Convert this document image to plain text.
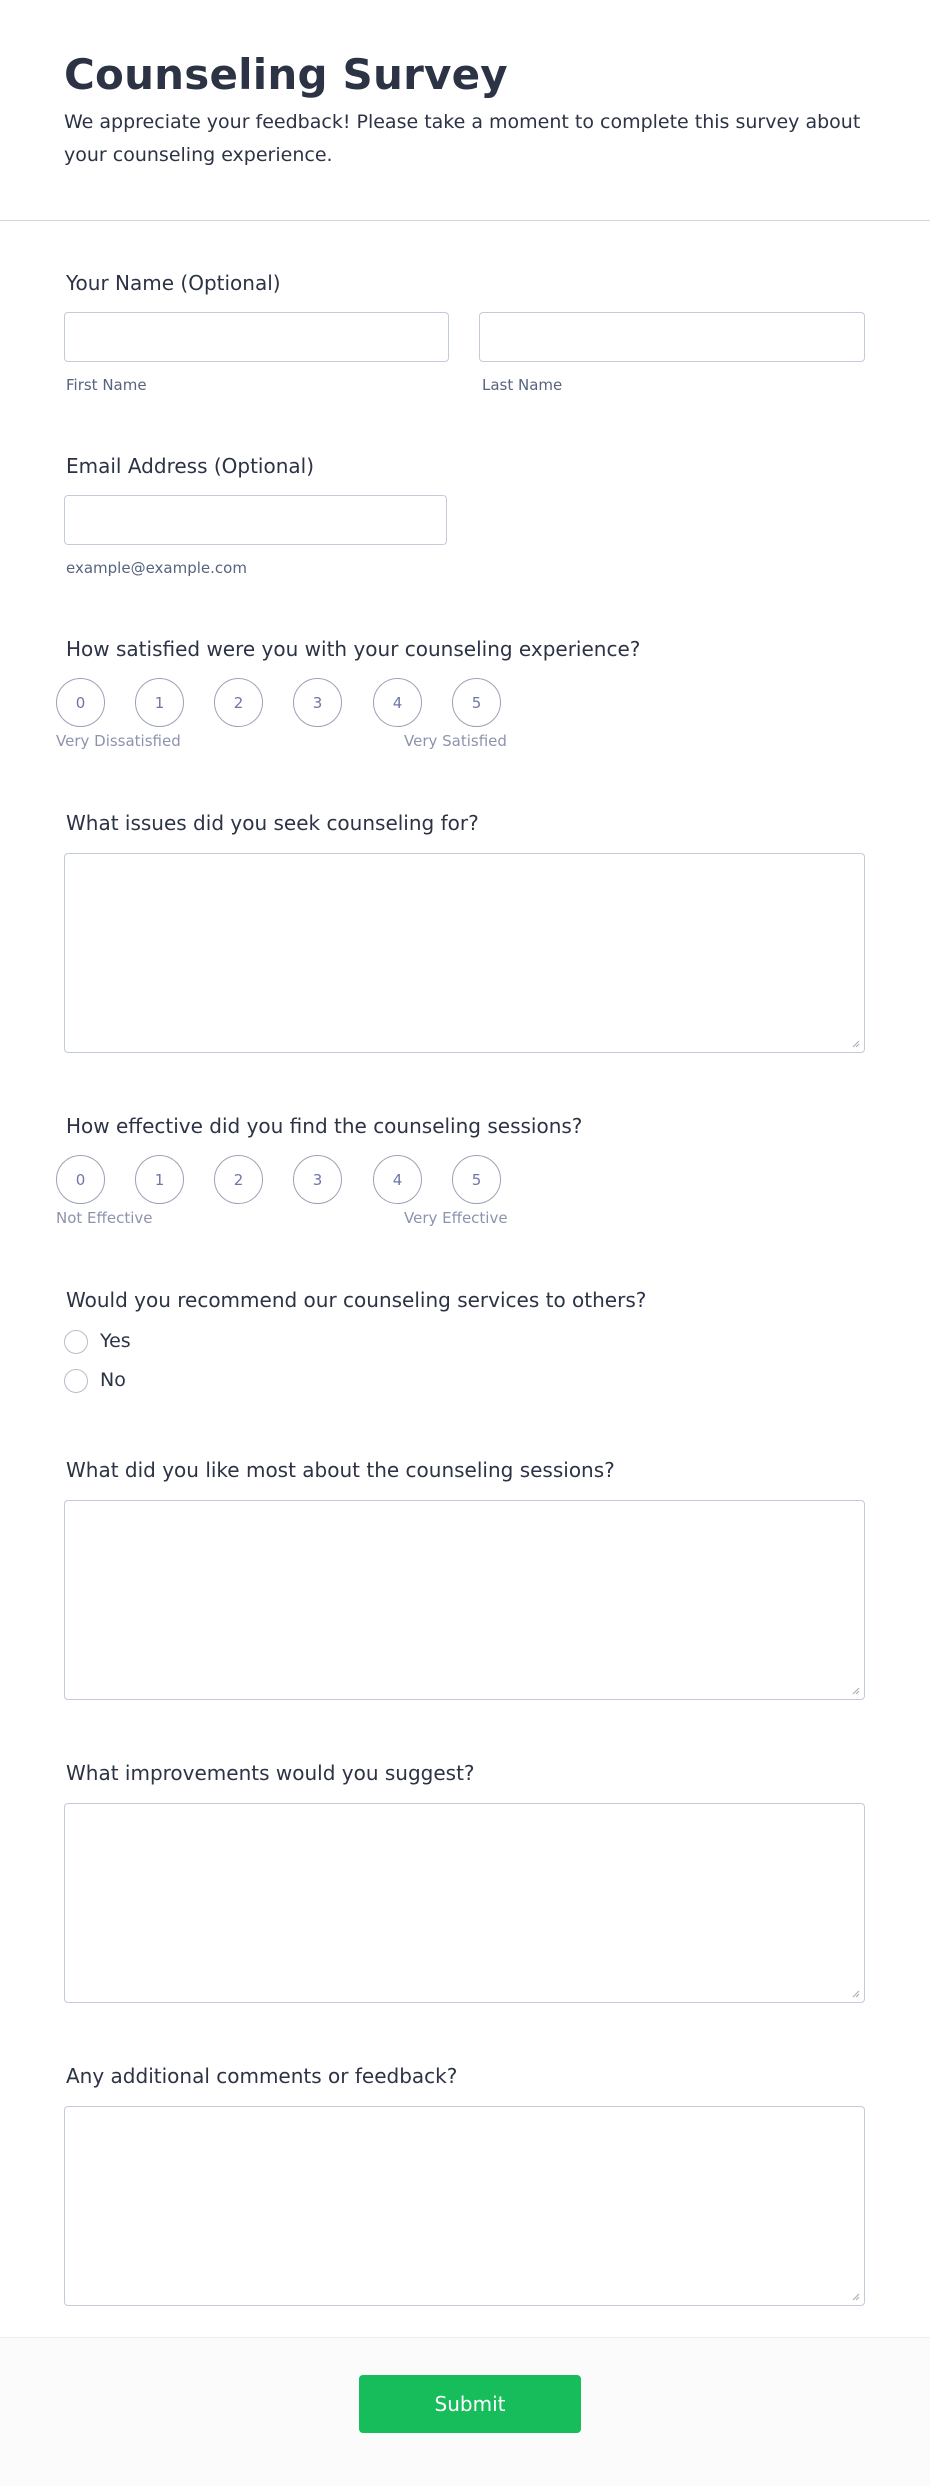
Counseling Survey
We appreciate your feedback! Please take a moment to complete this survey about your counseling experience.
Your Name (Optional)
First Name	Last Name
Email Address (Optional)
example@example.com
How satisfied were you with your counseling experience?
0	1	2	3	4	5
Very Dissatisfied	Very Satisfied
What issues did you seek counseling for?
How effective did you find the counseling sessions?
0	1	2	3	4	5
Not Effective	Very Effective
Would you recommend our counseling services to others?
Yes
No
What did you like most about the counseling sessions?
What improvements would you suggest?
Any additional comments or feedback?
Submit
